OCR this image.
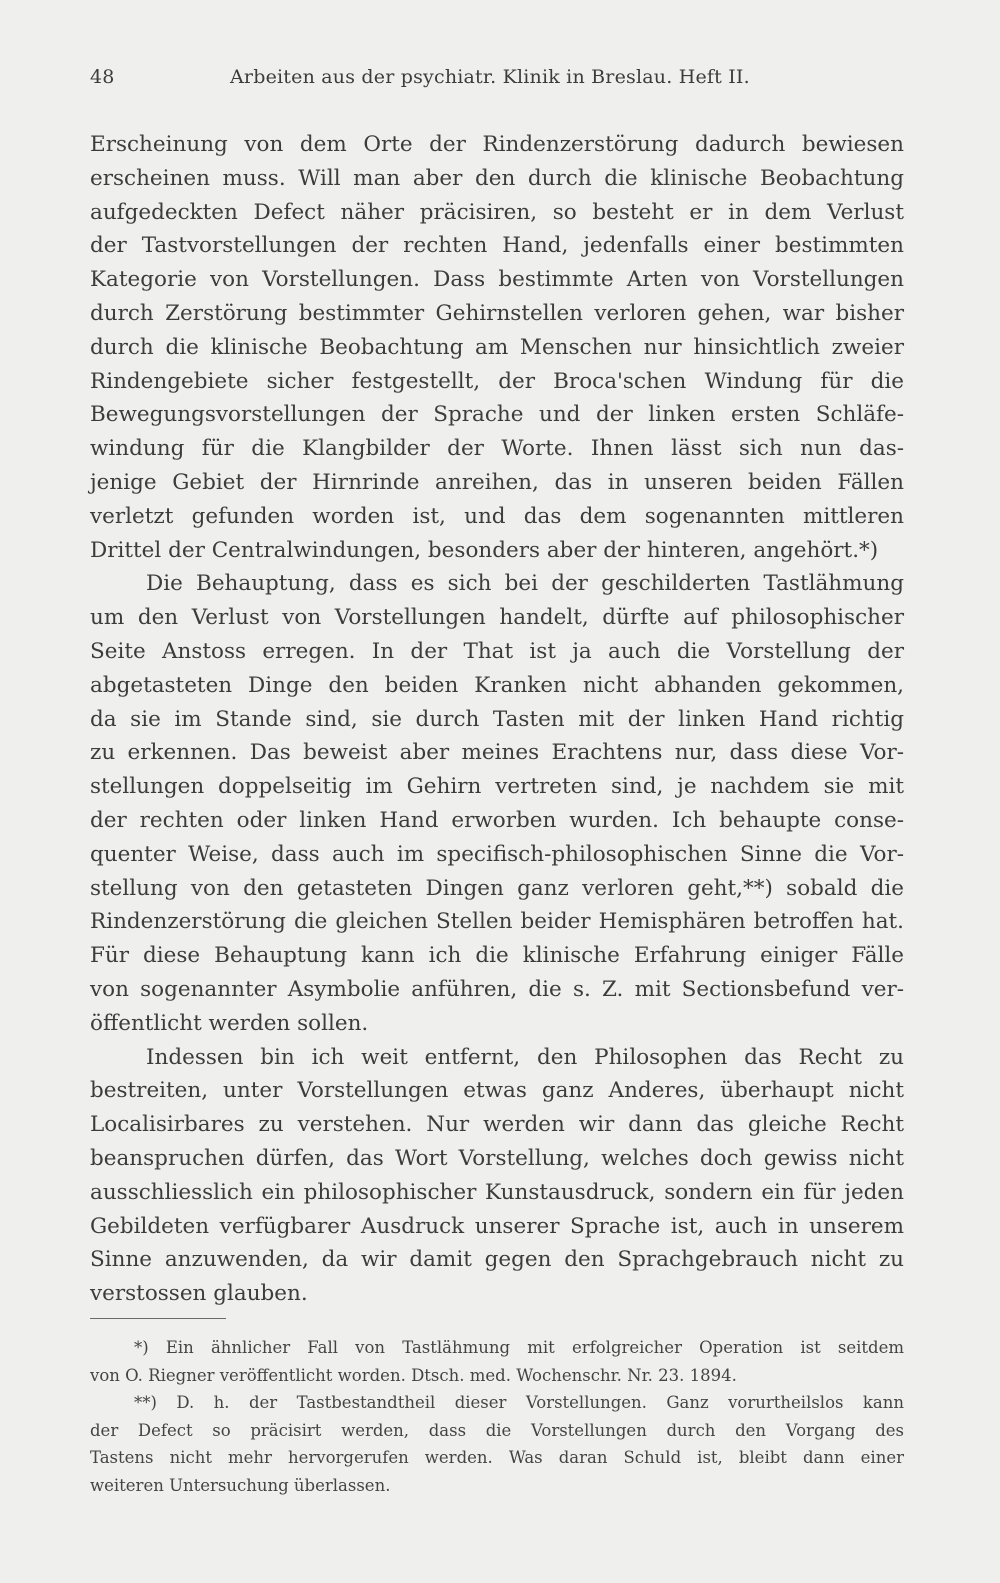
48	Arbeiten aus der psychiatr. Klinik in Breslau. Heft II.
Erscheinung von dem Orte der Rindenzerstörung dadurch bewiesen
erscheinen muss. Will man aber den durch die klinische Beobachtung
aufgedeckten Defect näher präcisiren, so besteht er in dem Verlust
der Tastvorstellungen der rechten Hand, jedenfalls einer bestimmten
Kategorie von Vorstellungen. Dass bestimmte Arten von Vorstellungen
durch Zerstörung bestimmter Gehirnstellen verloren gehen, war bisher
durch die klinische Beobachtung am Menschen nur hinsichtlich zweier
Rindengebiete sicher festgestellt, der Broca'schen Windung für die
Bewegungsvorstellungen der Sprache und der linken ersten Schläfe-
windung für die Klangbilder der Worte. Ihnen lässt sich nun das-
jenige Gebiet der Hirnrinde anreihen, das in unseren beiden Fällen
verletzt gefunden worden ist, und das dem sogenannten mittleren
Drittel der Centralwindungen, besonders aber der hinteren, angehört.*)
Die Behauptung, dass es sich bei der geschilderten Tastlähmung
um den Verlust von Vorstellungen handelt, dürfte auf philosophischer
Seite Anstoss erregen. In der That ist ja auch die Vorstellung der
abgetasteten Dinge den beiden Kranken nicht abhanden gekommen,
da sie im Stande sind, sie durch Tasten mit der linken Hand richtig
zu erkennen. Das beweist aber meines Erachtens nur, dass diese Vor-
stellungen doppelseitig im Gehirn vertreten sind, je nachdem sie mit
der rechten oder linken Hand erworben wurden. Ich behaupte conse-
quenter Weise, dass auch im specifisch-philosophischen Sinne die Vor-
stellung von den getasteten Dingen ganz verloren geht,**) sobald die
Rindenzerstörung die gleichen Stellen beider Hemisphären betroffen hat.
Für diese Behauptung kann ich die klinische Erfahrung einiger Fälle
von sogenannter Asymbolie anführen, die s. Z. mit Sectionsbefund ver-
öffentlicht werden sollen.
Indessen bin ich weit entfernt, den Philosophen das Recht zu
bestreiten, unter Vorstellungen etwas ganz Anderes, überhaupt nicht
Localisirbares zu verstehen. Nur werden wir dann das gleiche Recht
beanspruchen dürfen, das Wort Vorstellung, welches doch gewiss nicht
ausschliesslich ein philosophischer Kunstausdruck, sondern ein für jeden
Gebildeten verfügbarer Ausdruck unserer Sprache ist, auch in unserem
Sinne anzuwenden, da wir damit gegen den Sprachgebrauch nicht zu
verstossen glauben.
*) Ein ähnlicher Fall von Tastlähmung mit erfolgreicher Operation ist seitdem
von O. Riegner veröffentlicht worden. Dtsch. med. Wochenschr. Nr. 23. 1894.
**) D. h. der Tastbestandtheil dieser Vorstellungen. Ganz vorurtheilslos kann
der Defect so präcisirt werden, dass die Vorstellungen durch den Vorgang des
Tastens nicht mehr hervorgerufen werden. Was daran Schuld ist, bleibt dann einer
weiteren Untersuchung überlassen.
